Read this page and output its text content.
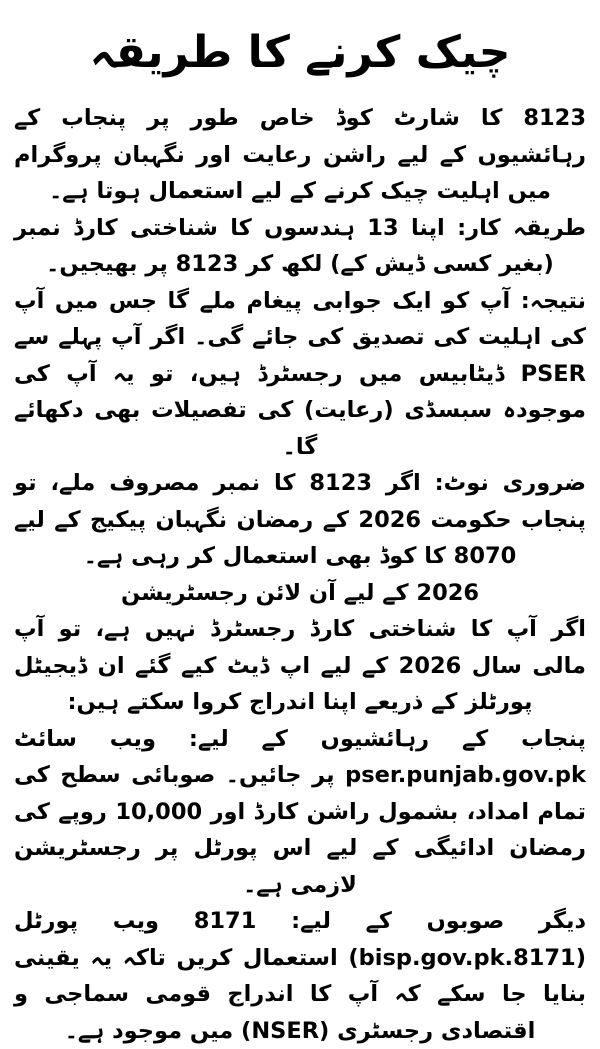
چیک کرنے کا طریقہ

8123 کا شارٹ کوڈ خاص طور پر پنجاب کے رہائشیوں کے لیے راشن رعایت اور نگہبان پروگرام میں اہلیت چیک کرنے کے لیے استعمال ہوتا ہے۔

طریقہ کار: اپنا 13 ہندسوں کا شناختی کارڈ نمبر (بغیر کسی ڈیش کے) لکھ کر 8123 پر بھیجیں۔

نتیجہ: آپ کو ایک جوابی پیغام ملے گا جس میں آپ کی اہلیت کی تصدیق کی جائے گی۔ اگر آپ پہلے سے PSER ڈیٹابیس میں رجسٹرڈ ہیں، تو یہ آپ کی موجودہ سبسڈی (رعایت) کی تفصیلات بھی دکھائے گا۔

ضروری نوٹ: اگر 8123 کا نمبر مصروف ملے، تو پنجاب حکومت 2026 کے رمضان نگہبان پیکیج کے لیے 8070 کا کوڈ بھی استعمال کر رہی ہے۔

2026 کے لیے آن لائن رجسٹریشن

اگر آپ کا شناختی کارڈ رجسٹرڈ نہیں ہے، تو آپ مالی سال 2026 کے لیے اپ ڈیٹ کیے گئے ان ڈیجیٹل پورٹلز کے ذریعے اپنا اندراج کروا سکتے ہیں:

پنجاب کے رہائشیوں کے لیے: ویب سائٹ pser.punjab.gov.pk پر جائیں۔ صوبائی سطح کی تمام امداد، بشمول راشن کارڈ اور 10,000 روپے کی رمضان ادائیگی کے لیے اس پورٹل پر رجسٹریشن لازمی ہے۔

دیگر صوبوں کے لیے: 8171 ویب پورٹل (bisp.gov.pk.8171) استعمال کریں تاکہ یہ یقینی بنایا جا سکے کہ آپ کا اندراج قومی سماجی و اقتصادی رجسٹری (NSER) میں موجود ہے۔
